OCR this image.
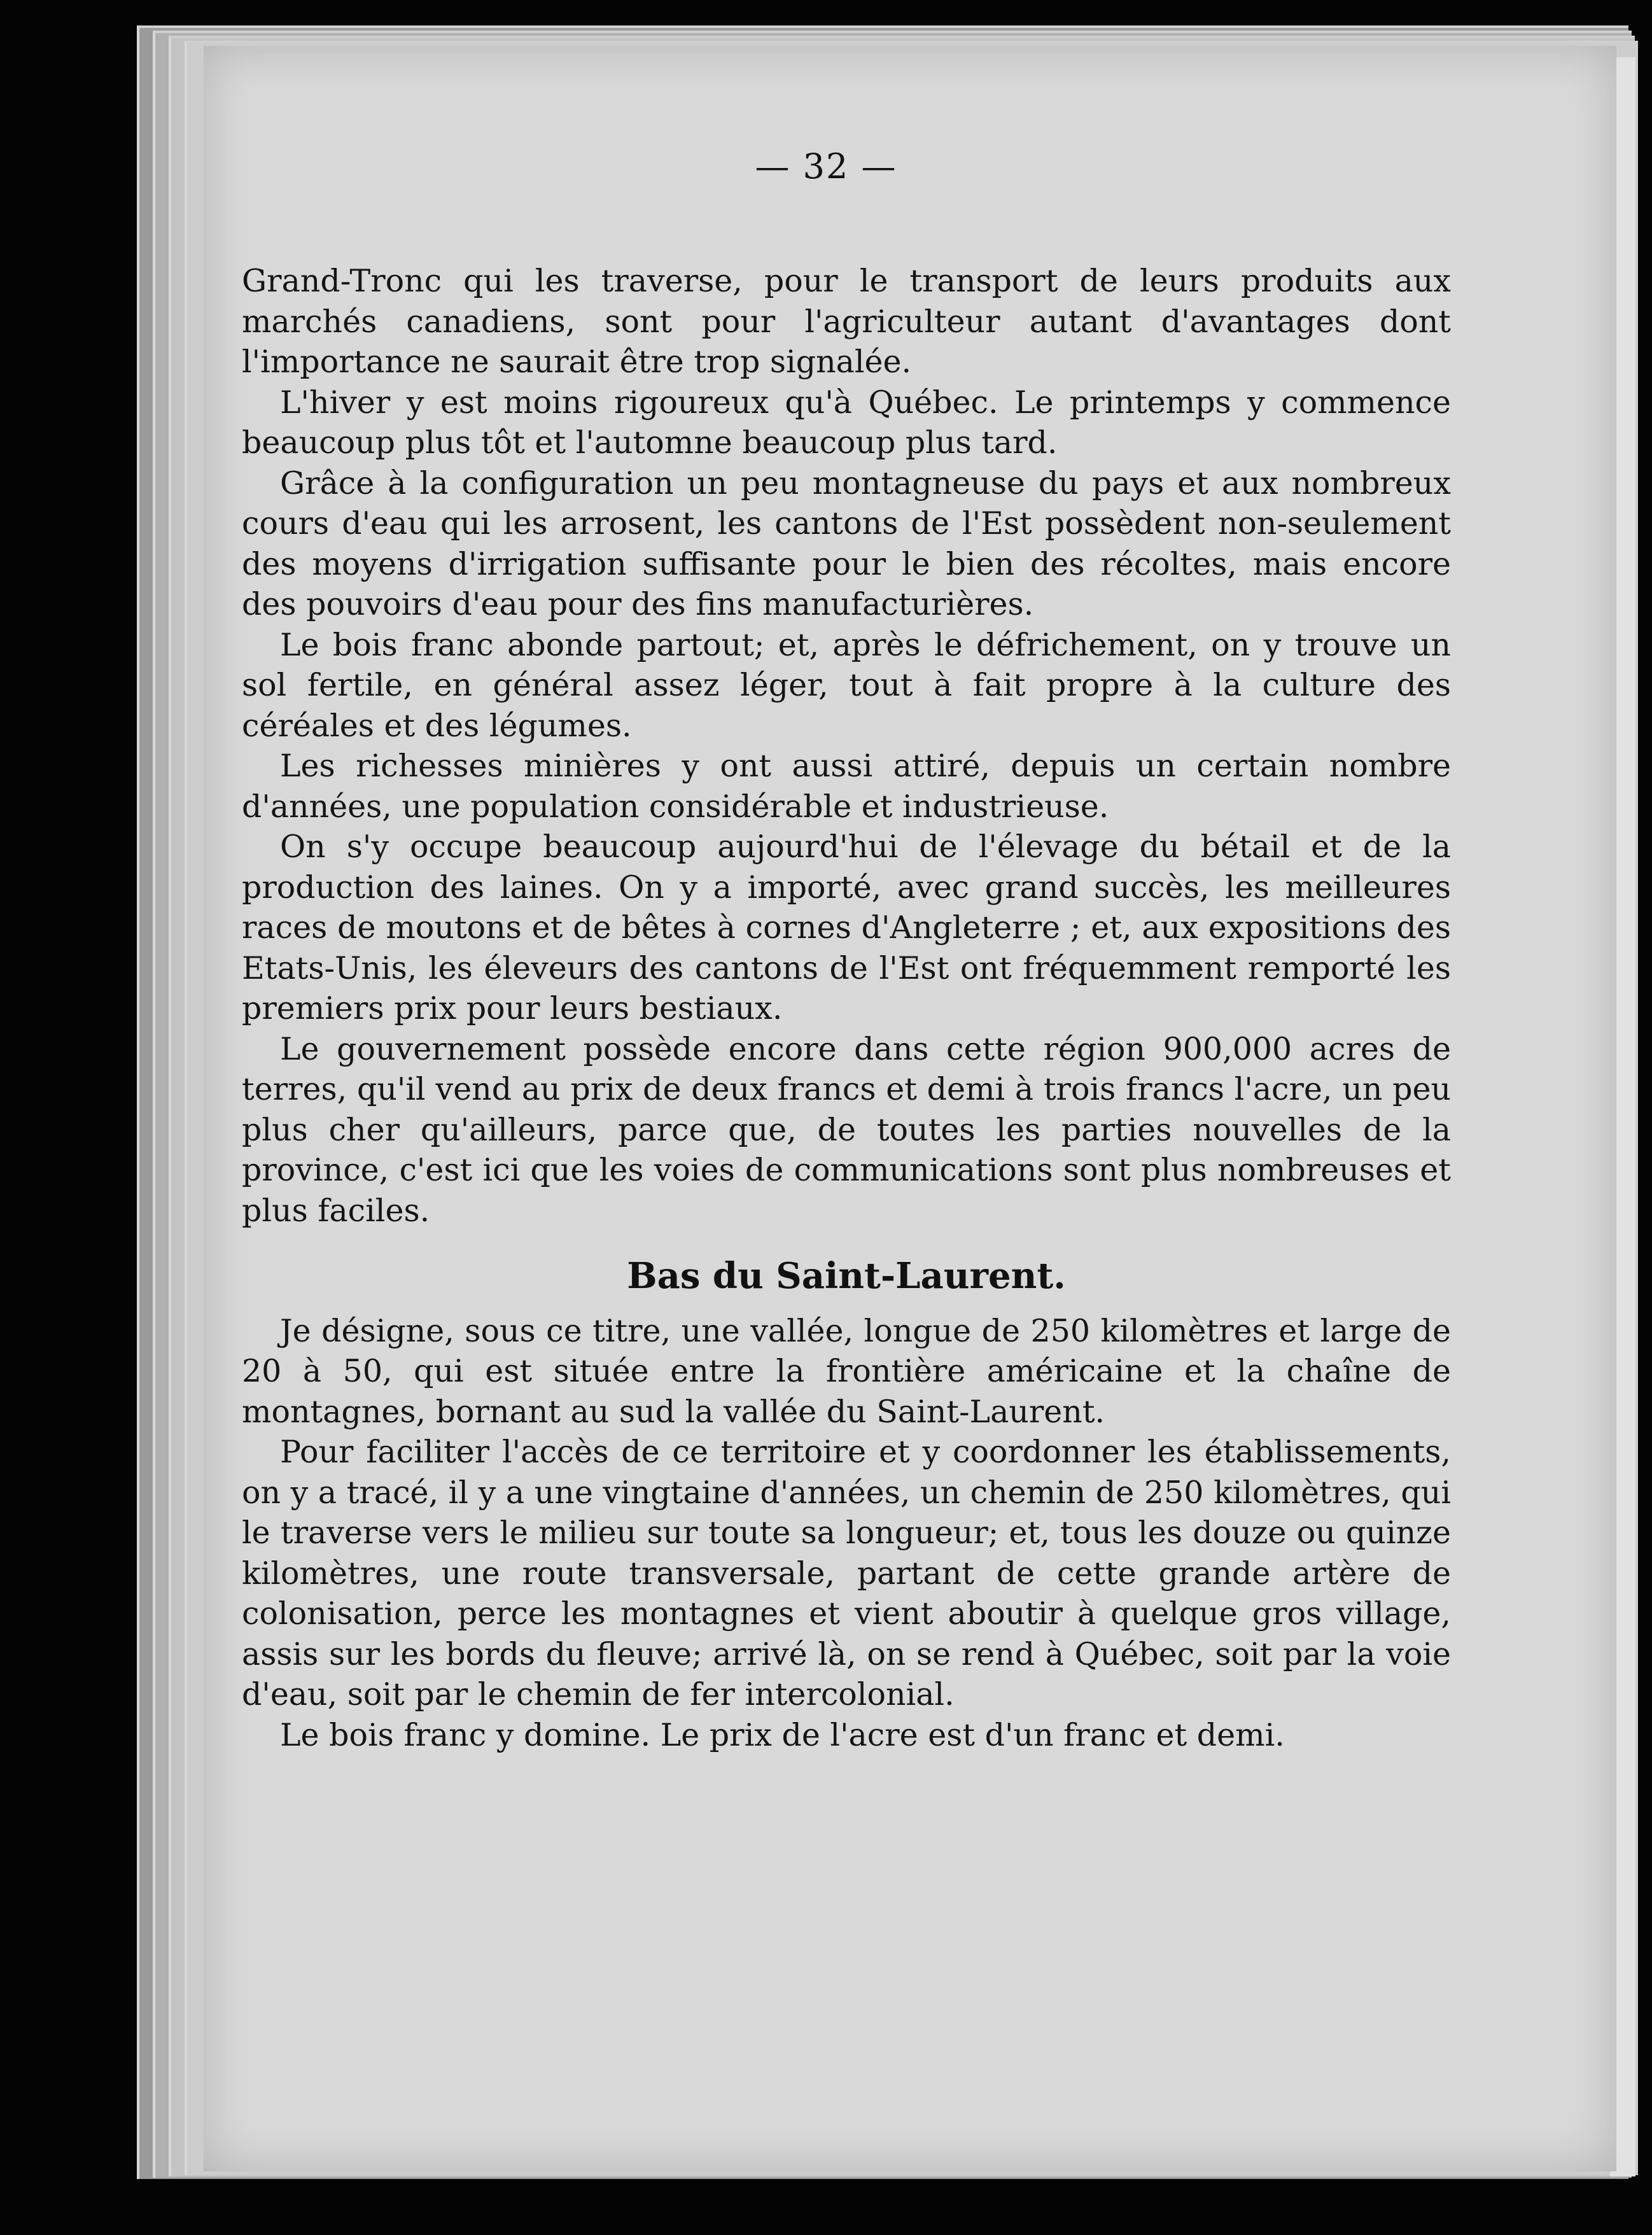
— 32 —

Grand-Tronc qui les traverse, pour le transport de leurs produits aux marchés canadiens, sont pour l'agriculteur autant d'avantages dont l'importance ne saurait être trop signalée.

L'hiver y est moins rigoureux qu'à Québec. Le printemps y commence beaucoup plus tôt et l'automne beaucoup plus tard.

Grâce à la configuration un peu montagneuse du pays et aux nombreux cours d'eau qui les arrosent, les cantons de l'Est possèdent non-seulement des moyens d'irrigation suffisante pour le bien des récoltes, mais encore des pouvoirs d'eau pour des fins manufacturières.

Le bois franc abonde partout; et, après le défrichement, on y trouve un sol fertile, en général assez léger, tout à fait propre à la culture des céréales et des légumes.

Les richesses minières y ont aussi attiré, depuis un certain nombre d'années, une population considérable et industrieuse.

On s'y occupe beaucoup aujourd'hui de l'élevage du bétail et de la production des laines. On y a importé, avec grand succès, les meilleures races de moutons et de bêtes à cornes d'Angleterre ; et, aux expositions des Etats-Unis, les éleveurs des cantons de l'Est ont fréquemment remporté les premiers prix pour leurs bestiaux.

Le gouvernement possède encore dans cette région 900,000 acres de terres, qu'il vend au prix de deux francs et demi à trois francs l'acre, un peu plus cher qu'ailleurs, parce que, de toutes les parties nouvelles de la province, c'est ici que les voies de communications sont plus nombreuses et plus faciles.

Bas du Saint-Laurent.

Je désigne, sous ce titre, une vallée, longue de 250 kilomètres et large de 20 à 50, qui est située entre la frontière américaine et la chaîne de montagnes, bornant au sud la vallée du Saint-Laurent.

Pour faciliter l'accès de ce territoire et y coordonner les établissements, on y a tracé, il y a une vingtaine d'années, un chemin de 250 kilomètres, qui le traverse vers le milieu sur toute sa longueur; et, tous les douze ou quinze kilomètres, une route transversale, partant de cette grande artère de colonisation, perce les montagnes et vient aboutir à quelque gros village, assis sur les bords du fleuve; arrivé là, on se rend à Québec, soit par la voie d'eau, soit par le chemin de fer intercolonial.

Le bois franc y domine. Le prix de l'acre est d'un franc et demi.
